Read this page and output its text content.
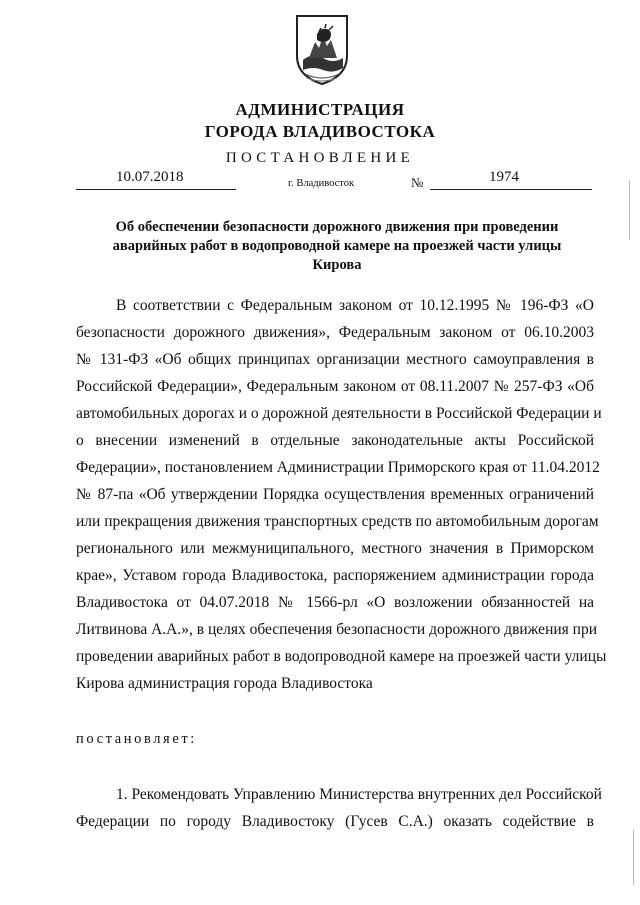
АДМИНИСТРАЦИЯ
ГОРОДА ВЛАДИВОСТОКА
ПОСТАНОВЛЕНИЕ
10.07.2018	г. Владивосток	№	1974
Об обеспечении безопасности дорожного движения при проведении
аварийных работ в водопроводной камере на проезжей части улицы
Кирова
В соответствии с Федеральным законом от 10.12.1995 № 196-ФЗ «О
безопасности дорожного движения», Федеральным законом от 06.10.2003
№ 131-ФЗ «Об общих принципах организации местного самоуправления в
Российской Федерации», Федеральным законом от 08.11.2007 № 257-ФЗ «Об
автомобильных дорогах и о дорожной деятельности в Российской Федерации и
о внесении изменений в отдельные законодательные акты Российской
Федерации», постановлением Администрации Приморского края от 11.04.2012
№ 87-па «Об утверждении Порядка осуществления временных ограничений
или прекращения движения транспортных средств по автомобильным дорогам
регионального или межмуниципального, местного значения в Приморском
крае», Уставом города Владивостока, распоряжением администрации города
Владивостока от 04.07.2018 № 1566-рл «О возложении обязанностей на
Литвинова А.А.», в целях обеспечения безопасности дорожного движения при
проведении аварийных работ в водопроводной камере на проезжей части улицы
Кирова администрация города Владивостока
постановляет:
1. Рекомендовать Управлению Министерства внутренних дел Российской
Федерации по городу Владивостоку (Гусев С.А.) оказать содействие в
